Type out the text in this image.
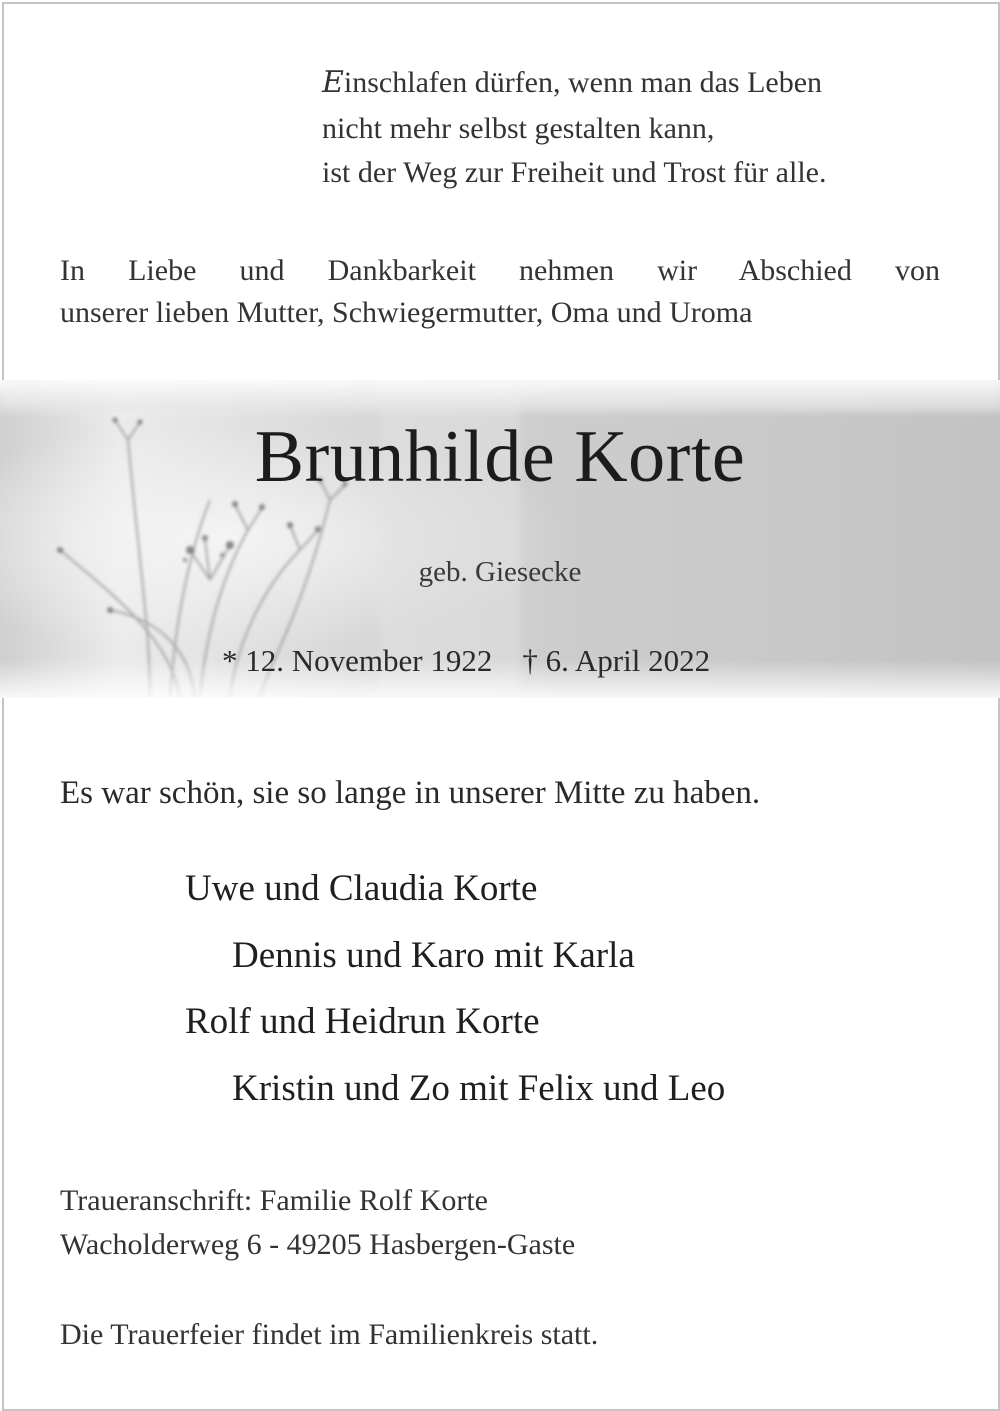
Einschlafen dürfen, wenn man das Leben

nicht mehr selbst gestalten kann,

ist der Weg zur Freiheit und Trost für alle.

In Liebe und Dankbarkeit nehmen wir Abschied von

unserer lieben Mutter, Schwiegermutter, Oma und Uroma

Brunhilde Korte

geb. Giesecke

* 12. November 1922 † 6. April 2022

Es war schön, sie so lange in unserer Mitte zu haben.

Uwe und Claudia Korte

Dennis und Karo mit Karla

Rolf und Heidrun Korte

Kristin und Zo mit Felix und Leo

Traueranschrift: Familie Rolf Korte

Wacholderweg 6 - 49205 Hasbergen-Gaste

Die Trauerfeier findet im Familienkreis statt.
